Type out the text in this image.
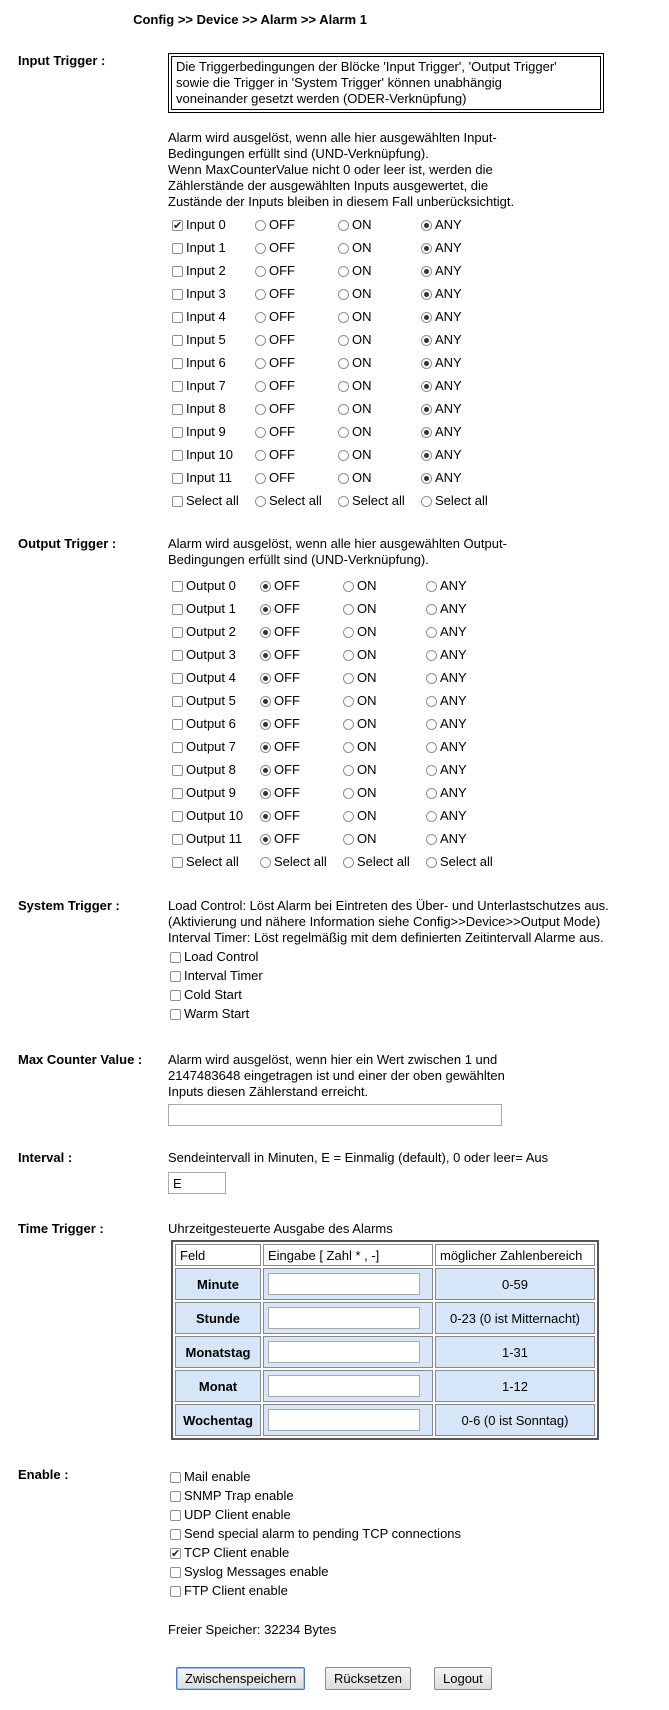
Config >> Device >> Alarm >> Alarm 1
Input Trigger :	Die Triggerbedingungen der Blöcke 'Input Trigger', 'Output Trigger'
sowie die Trigger in 'System Trigger' können unabhängig
voneinander gesetzt werden (ODER-Verknüpfung)
Alarm wird ausgelöst, wenn alle hier ausgewählten Input-
Bedingungen erfüllt sind (UND-Verknüpfung).
Wenn MaxCounterValue nicht 0 oder leer ist, werden die
Zählerstände der ausgewählten Inputs ausgewertet, die
Zustände der Inputs bleiben in diesem Fall unberücksichtigt.
✔Input 0	OFF	ON	ANY
Input 1	OFF	ON	ANY
Input 2	OFF	ON	ANY
Input 3	OFF	ON	ANY
Input 4	OFF	ON	ANY
Input 5	OFF	ON	ANY
Input 6	OFF	ON	ANY
Input 7	OFF	ON	ANY
Input 8	OFF	ON	ANY
Input 9	OFF	ON	ANY
Input 10	OFF	ON	ANY
Input 11	OFF	ON	ANY
Select all	Select all	Select all	Select all
Output Trigger :	Alarm wird ausgelöst, wenn alle hier ausgewählten Output-
Bedingungen erfüllt sind (UND-Verknüpfung).
Output 0	OFF	ON	ANY
Output 1	OFF	ON	ANY
Output 2	OFF	ON	ANY
Output 3	OFF	ON	ANY
Output 4	OFF	ON	ANY
Output 5	OFF	ON	ANY
Output 6	OFF	ON	ANY
Output 7	OFF	ON	ANY
Output 8	OFF	ON	ANY
Output 9	OFF	ON	ANY
Output 10	OFF	ON	ANY
Output 11	OFF	ON	ANY
Select all	Select all	Select all	Select all
System Trigger :	Load Control: Löst Alarm bei Eintreten des Über- und Unterlastschutzes aus.
(Aktivierung und nähere Information siehe Config>>Device>>Output Mode)
Interval Timer: Löst regelmäßig mit dem definierten Zeitintervall Alarme aus.
Load Control
Interval Timer
Cold Start
Warm Start
Max Counter Value : Alarm wird ausgelöst, wenn hier ein Wert zwischen 1 und
2147483648 eingetragen ist und einer der oben gewählten
Inputs diesen Zählerstand erreicht.
Interval :	Sendeintervall in Minuten, E = Einmalig (default), 0 oder leer= Aus
E
Time Trigger :	Uhrzeitgesteuerte Ausgabe des Alarms
Feld	Eingabe [ Zahl * , -]	möglicher Zahlenbereich
Minute		0-59
Stunde		0-23 (0 ist Mitternacht)
Monatstag		1-31
Monat		1-12
Wochentag		0-6 (0 ist Sonntag)
Enable :	Mail enable
SNMP Trap enable
UDP Client enable
Send special alarm to pending TCP connections
✔TCP Client enable
Syslog Messages enable
FTP Client enable
Freier Speicher: 32234 Bytes
Zwischenspeichern	Rücksetzen	Logout
